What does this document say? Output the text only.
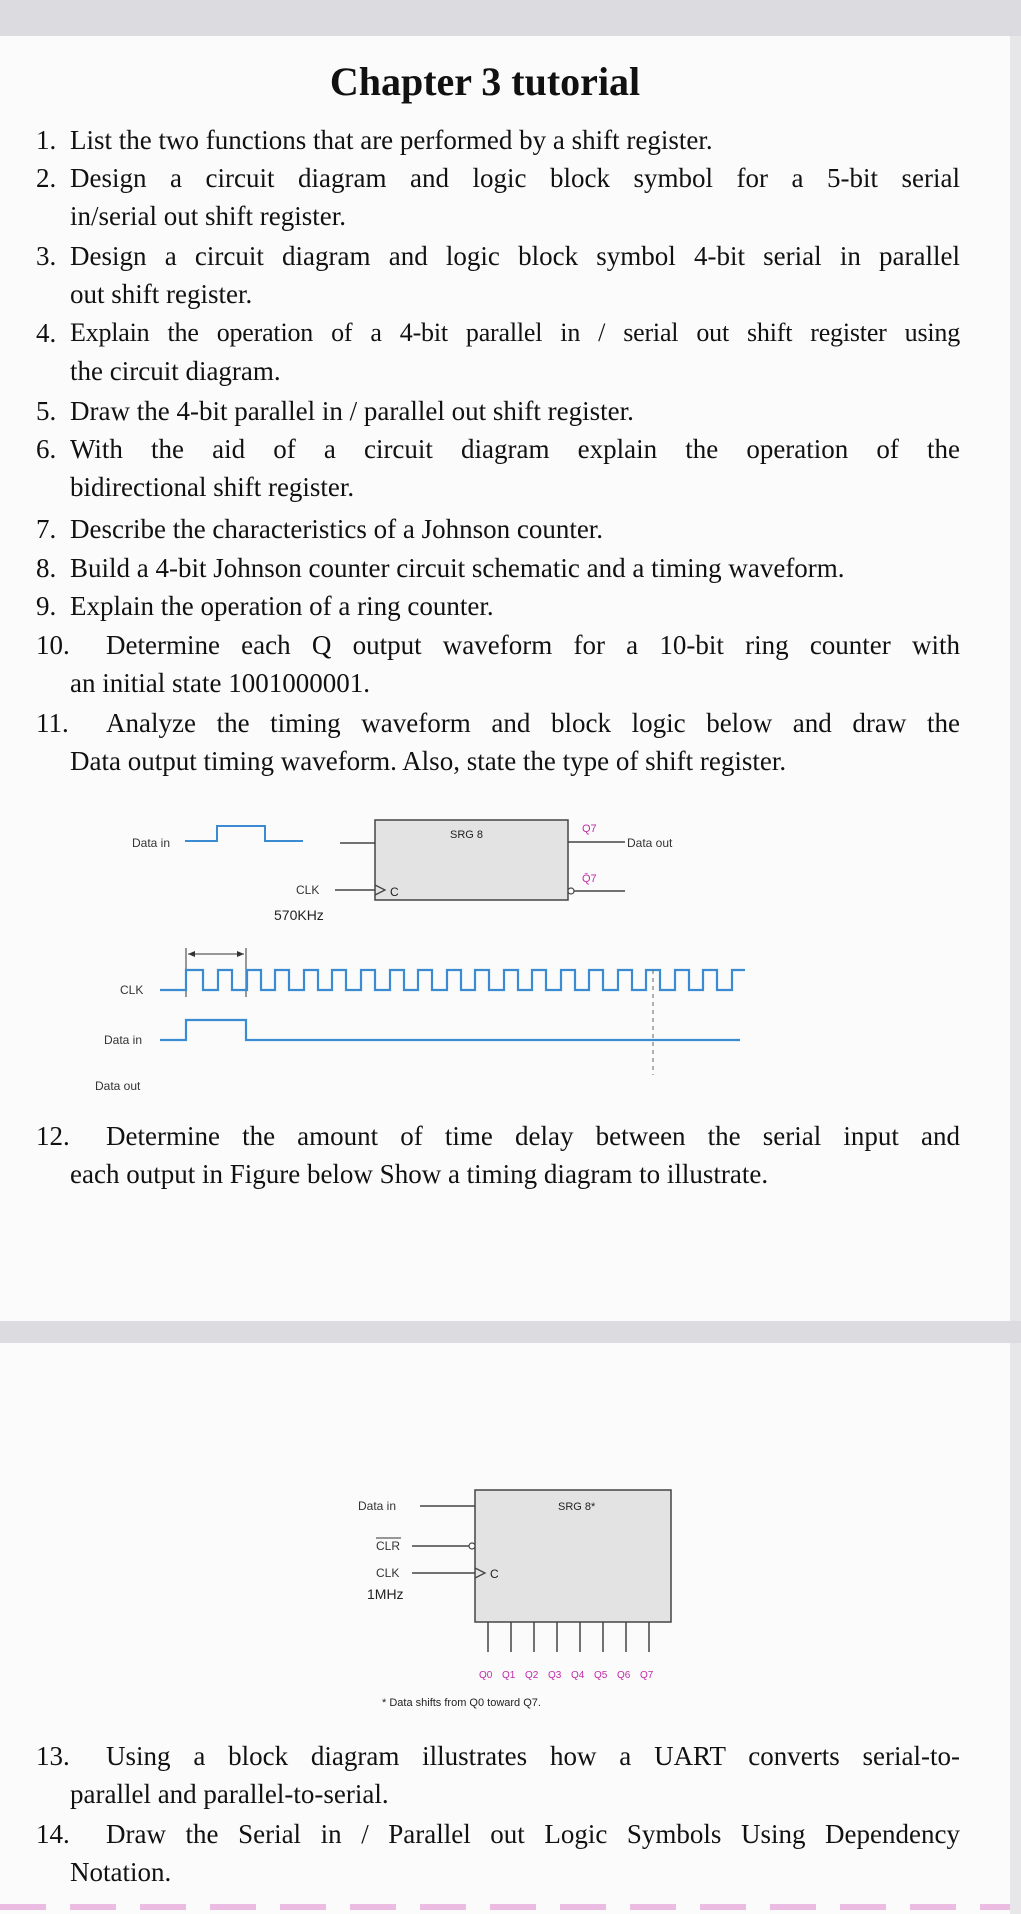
Chapter 3 tutorial
1. List the two functions that are performed by a shift register.
2. Design a circuit diagram and logic block symbol for a 5-bit serial
in/serial out shift register.
3. Design a circuit diagram and logic block symbol 4-bit serial in parallel
out shift register.
4. Explain the operation of a 4-bit parallel in / serial out shift register using
the circuit diagram.
5. Draw the 4-bit parallel in / parallel out shift register.
6. With the aid of a circuit diagram explain the operation of the
bidirectional shift register.
7. Describe the characteristics of a Johnson counter.
8. Build a 4-bit Johnson counter circuit schematic and a timing waveform.
9. Explain the operation of a ring counter.
10.	Determine each Q output waveform for a 10-bit ring counter with
an initial state 1001000001.
11.	Analyze the timing waveform and block logic below and draw the
Data output timing waveform. Also, state the type of shift register.
Data in
SRG 8
C
CLK
570KHz
Q7
Data out
Q̄7
CLK
Data in
Data out
12.	Determine the amount of time delay between the serial input and
each output in Figure below Show a timing diagram to illustrate.
Data in	SRG 8*
CLR
CLK	C
1MHz
Q0 Q1 Q2 Q3 Q4 Q5 Q6 Q7
* Data shifts from Q0 toward Q7.
13.	Using a block diagram illustrates how a UART converts serial-to-
parallel and parallel-to-serial.
14.	Draw the Serial in / Parallel out Logic Symbols Using Dependency
Notation.
